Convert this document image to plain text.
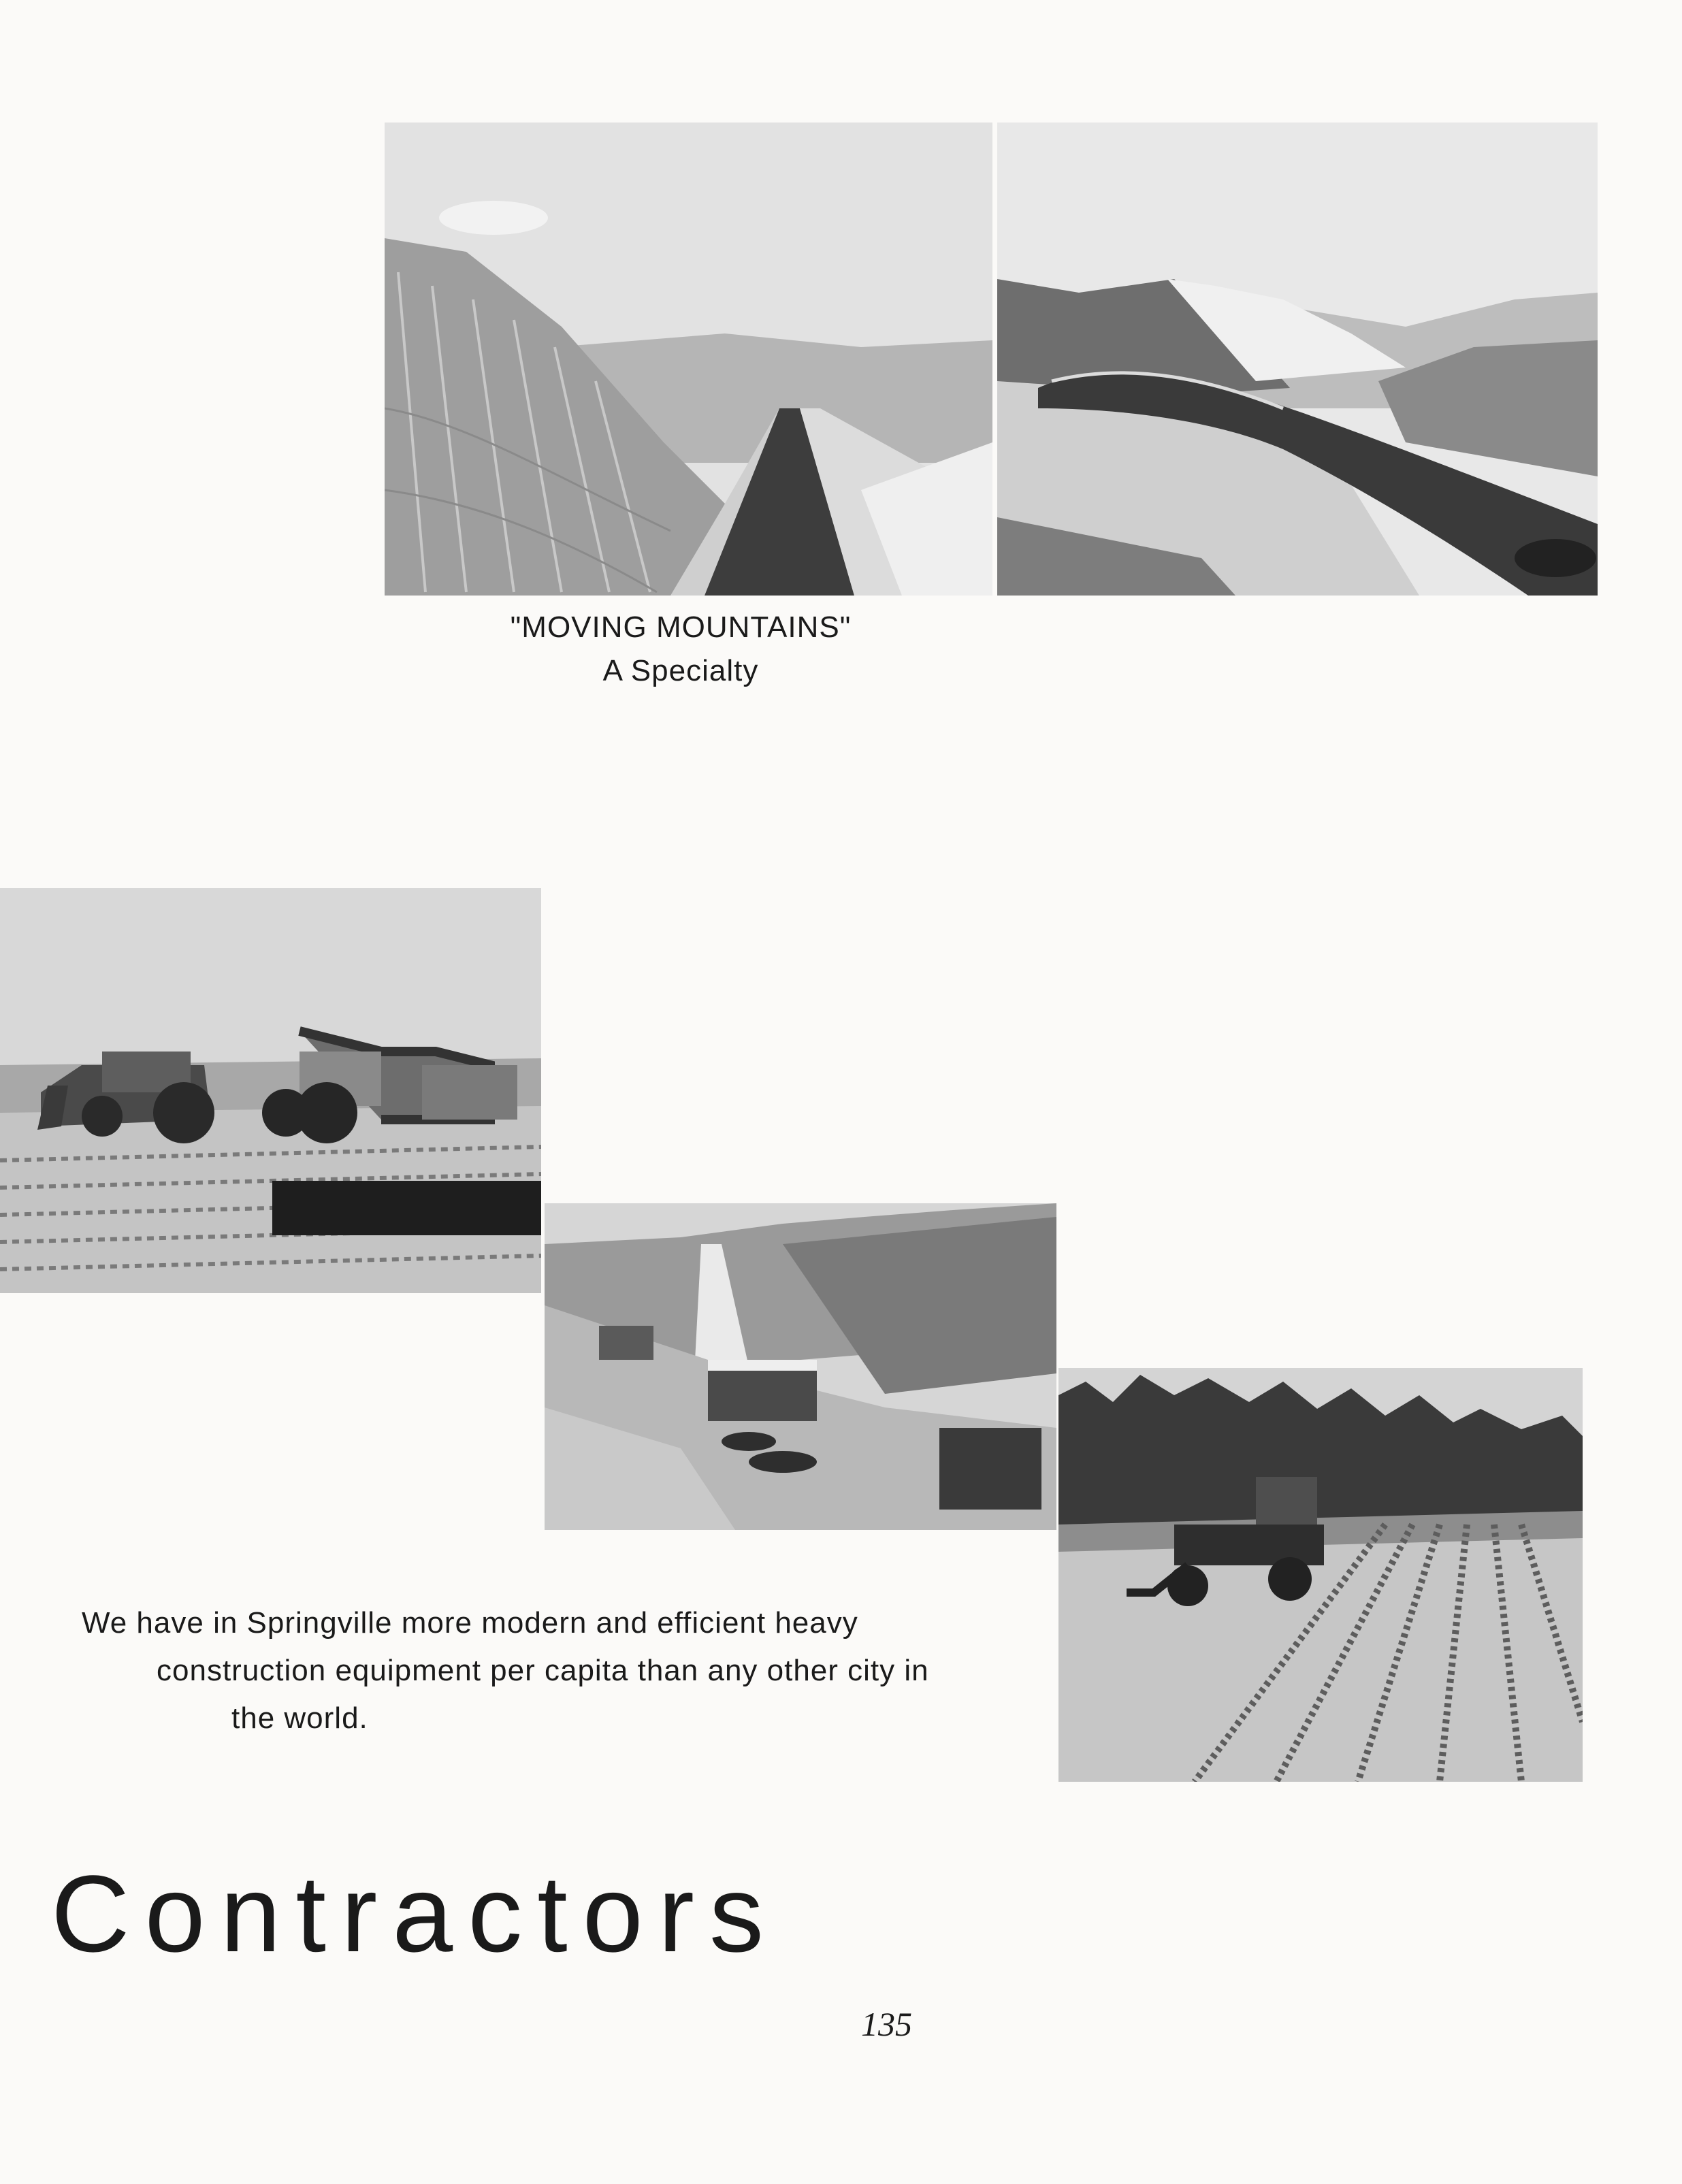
"MOVING MOUNTAINS"
A Specialty
We have in Springville more modern and efficient heavy
construction equipment per capita than any other city in
the world.
Contractors
135
